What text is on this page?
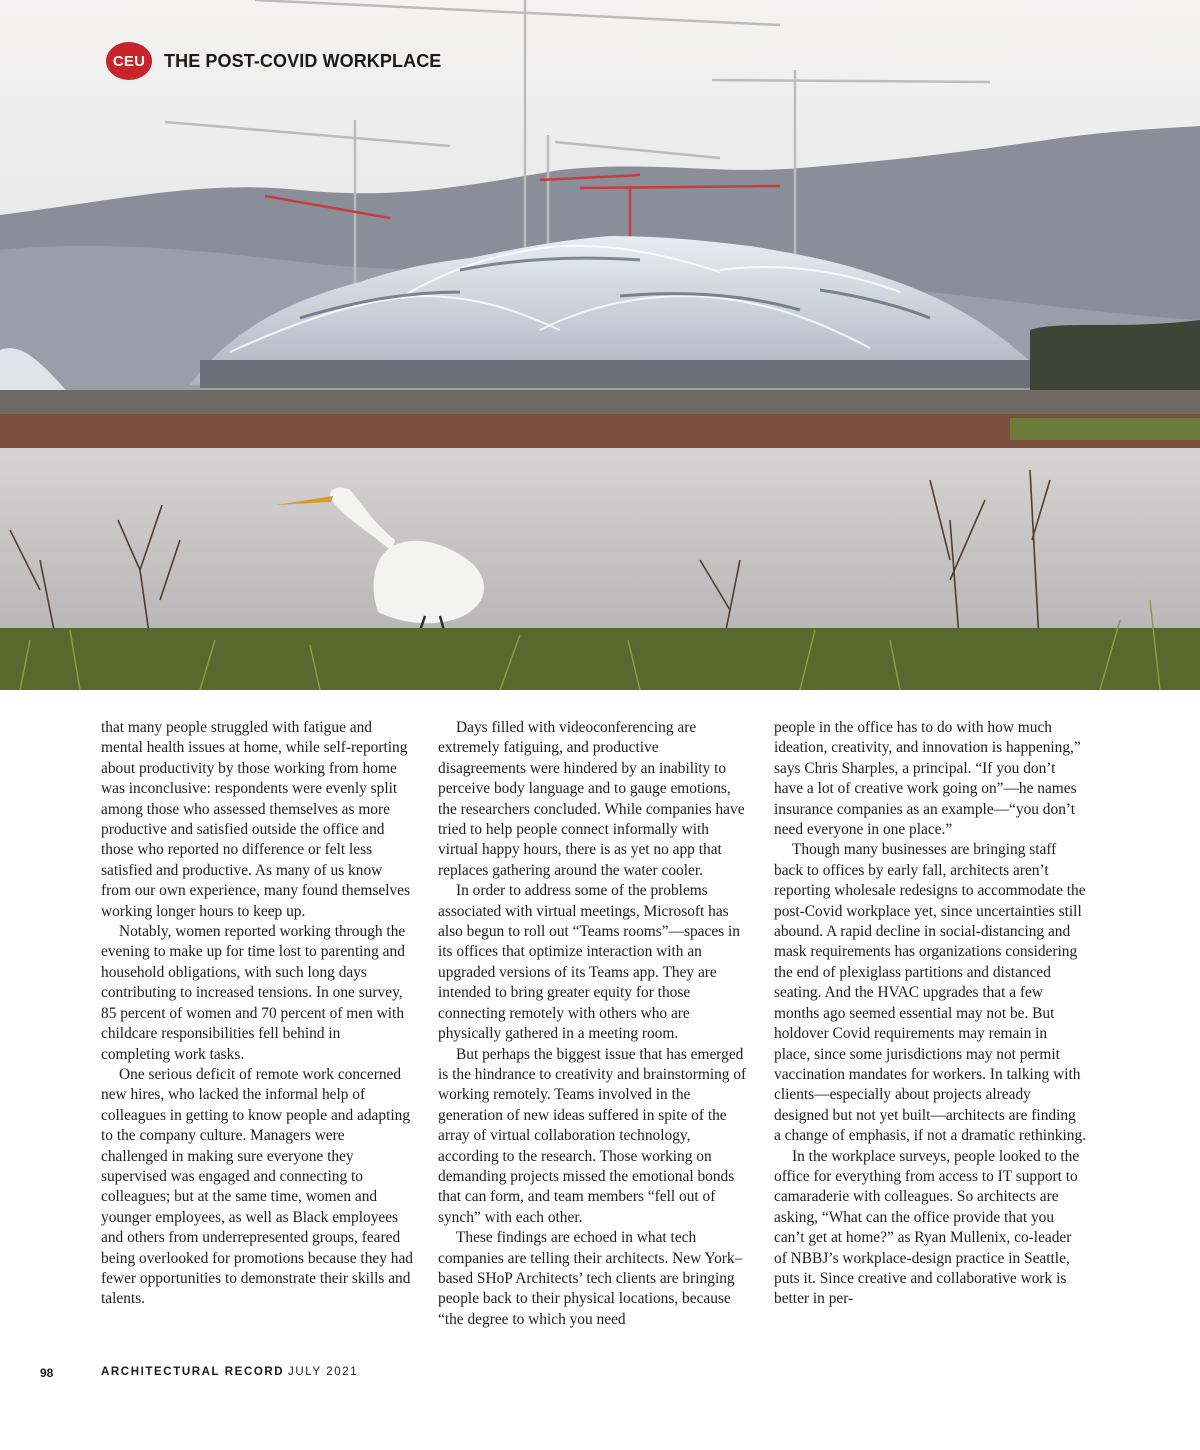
CEU	THE POST-COVID WORKPLACE

that many people struggled with fatigue and mental health issues at home, while self-reporting about productivity by those working from home was inconclusive: respondents were evenly split among those who assessed themselves as more productive and satisfied outside the office and those who reported no difference or felt less satisfied and productive. As many of us know from our own experience, many found themselves working longer hours to keep up.

Notably, women reported working through the evening to make up for time lost to parenting and household obligations, with such long days contributing to increased tensions. In one survey, 85 percent of women and 70 percent of men with childcare responsibilities fell behind in completing work tasks.

One serious deficit of remote work concerned new hires, who lacked the informal help of colleagues in getting to know people and adapting to the company culture. Managers were challenged in making sure everyone they supervised was engaged and connecting to colleagues; but at the same time, women and younger employees, as well as Black employees and others from underrepresented groups, feared being overlooked for promotions because they had fewer opportunities to demonstrate their skills and talents.

Days filled with videoconferencing are extremely fatiguing, and productive disagreements were hindered by an inability to perceive body language and to gauge emotions, the researchers concluded. While companies have tried to help people connect informally with virtual happy hours, there is as yet no app that replaces gathering around the water cooler.

In order to address some of the problems associated with virtual meetings, Microsoft has also begun to roll out “Teams rooms”—spaces in its offices that optimize interaction with an upgraded versions of its Teams app. They are intended to bring greater equity for those connecting remotely with others who are physically gathered in a meeting room.

But perhaps the biggest issue that has emerged is the hindrance to creativity and brainstorming of working remotely. Teams involved in the generation of new ideas suffered in spite of the array of virtual collaboration technology, according to the research. Those working on demanding projects missed the emotional bonds that can form, and team members “fell out of synch” with each other.

These findings are echoed in what tech companies are telling their architects. New York–based SHoP Architects’ tech clients are bringing people back to their physical locations, because “the degree to which you need

people in the office has to do with how much ideation, creativity, and innovation is happening,” says Chris Sharples, a principal. “If you don’t have a lot of creative work going on”—he names insurance companies as an example—“you don’t need everyone in one place.”

Though many businesses are bringing staff back to offices by early fall, architects aren’t reporting wholesale redesigns to accommodate the post-Covid workplace yet, since uncertainties still abound. A rapid decline in social-distancing and mask requirements has organizations considering the end of plexiglass partitions and distanced seating. And the HVAC upgrades that a few months ago seemed essential may not be. But holdover Covid requirements may remain in place, since some jurisdictions may not permit vaccination mandates for workers. In talking with clients—especially about projects already designed but not yet built—architects are finding a change of emphasis, if not a dramatic rethinking.

In the workplace surveys, people looked to the office for everything from access to IT support to camaraderie with colleagues. So architects are asking, “What can the office provide that you can’t get at home?” as Ryan Mullenix, co-leader of NBBJ’s workplace-design practice in Seattle, puts it. Since creative and collaborative work is better in per-

98	ARCHITECTURAL RECORD JULY 2021
